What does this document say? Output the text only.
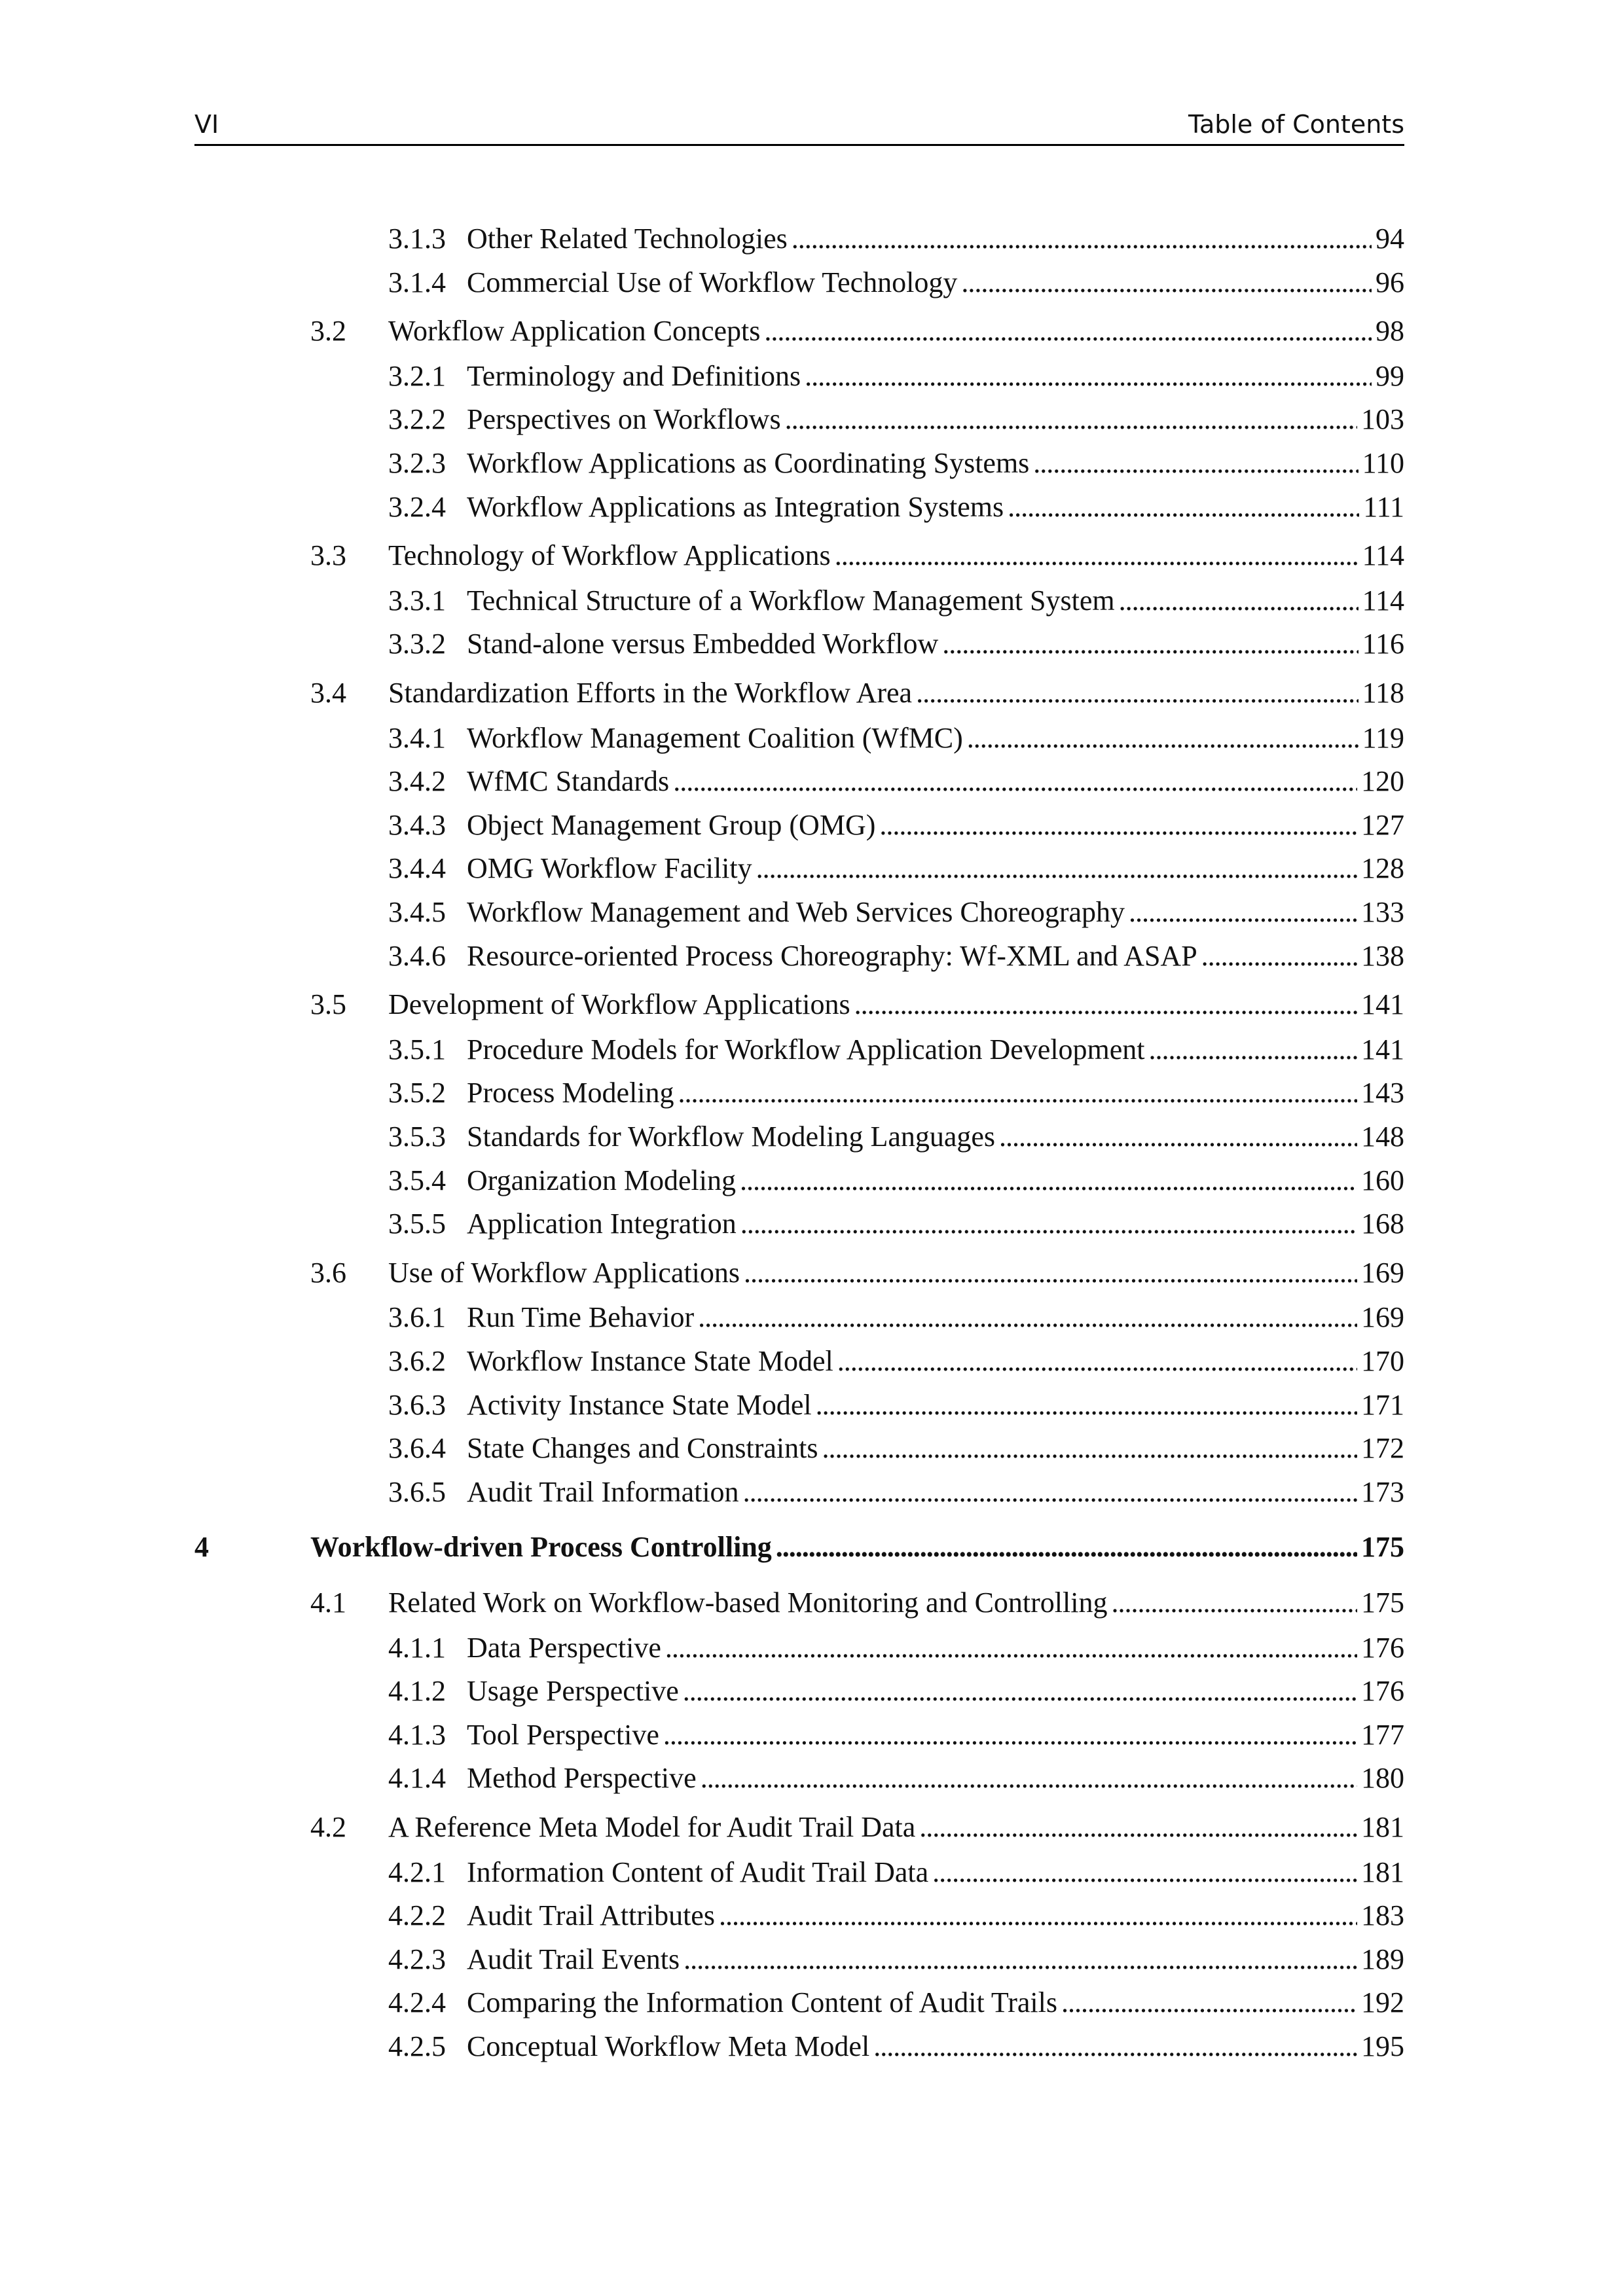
VI	Table of Contents
3.1.3 Other Related Technologies . . .	94
3.1.4 Commercial Use of Workflow Technology . . .	96
3.2 Workflow Application Concepts . . .	98
3.2.1 Terminology and Definitions . . .	99
3.2.2 Perspectives on Workflows . . .	103
3.2.3 Workflow Applications as Coordinating Systems . . .	110
3.2.4 Workflow Applications as Integration Systems . . .	111
3.3 Technology of Workflow Applications . . .	114
3.3.1 Technical Structure of a Workflow Management System . . .	114
3.3.2 Stand-alone versus Embedded Workflow . . .	116
3.4 Standardization Efforts in the Workflow Area . . .	118
3.4.1 Workflow Management Coalition (WfMC) . . .	119
3.4.2 WfMC Standards . . .	120
3.4.3 Object Management Group (OMG) . . .	127
3.4.4 OMG Workflow Facility . . .	128
3.4.5 Workflow Management and Web Services Choreography . . .	133
3.4.6 Resource-oriented Process Choreography: Wf-XML and ASAP . . .	138
3.5 Development of Workflow Applications . . .	141
3.5.1 Procedure Models for Workflow Application Development . . .	141
3.5.2 Process Modeling . . .	143
3.5.3 Standards for Workflow Modeling Languages . . .	148
3.5.4 Organization Modeling . . .	160
3.5.5 Application Integration . . .	168
3.6 Use of Workflow Applications . . .	169
3.6.1 Run Time Behavior . . .	169
3.6.2 Workflow Instance State Model . . .	170
3.6.3 Activity Instance State Model . . .	171
3.6.4 State Changes and Constraints . . .	172
3.6.5 Audit Trail Information . . .	173
4	Workflow-driven Process Controlling . . .	175
4.1 Related Work on Workflow-based Monitoring and Controlling . . .	175
4.1.1 Data Perspective . . .	176
4.1.2 Usage Perspective . . .	176
4.1.3 Tool Perspective . . .	177
4.1.4 Method Perspective . . .	180
4.2 A Reference Meta Model for Audit Trail Data . . .	181
4.2.1 Information Content of Audit Trail Data . . .	181
4.2.2 Audit Trail Attributes . . .	183
4.2.3 Audit Trail Events . . .	189
4.2.4 Comparing the Information Content of Audit Trails . . .	192
4.2.5 Conceptual Workflow Meta Model . . .	195
